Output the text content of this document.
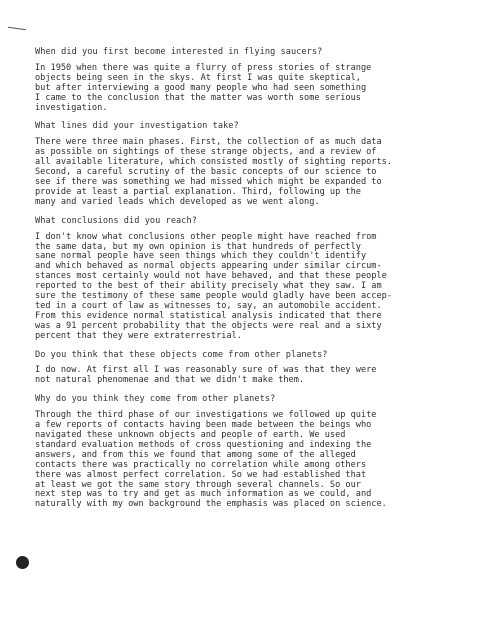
When did you first become interested in flying saucers?

In 1950 when there was quite a flurry of press stories of strange
objects being seen in the skys. At first I was quite skeptical,
but after interviewing a good many people who had seen something
I came to the conclusion that the matter was worth some serious
investigation.

What lines did your investigation take?

There were three main phases. First, the collection of as much data
as possible on sightings of these strange objects, and a review of
all available literature, which consisted mostly of sighting reports.
Second, a careful scrutiny of the basic concepts of our science to
see if there was something we had missed which might be expanded to
provide at least a partial explanation. Third, following up the
many and varied leads which developed as we went along.

What conclusions did you reach?

I don't know what conclusions other people might have reached from
the same data, but my own opinion is that hundreds of perfectly
sane normal people have seen things which they couldn't identify
and which behaved as normal objects appearing under similar circum-
stances most certainly would not have behaved, and that these people
reported to the best of their ability precisely what they saw. I am
sure the testimony of these same people would gladly have been accep-
ted in a court of law as witnesses to, say, an automobile accident.
From this evidence normal statistical analysis indicated that there
was a 91 percent probability that the objects were real and a sixty
percent that they were extraterrestrial.

Do you think that these objects come from other planets?

I do now. At first all I was reasonably sure of was that they were
not natural phenomenae and that we didn't make them.

Why do you think they come from other planets?

Through the third phase of our investigations we followed up quite
a few reports of contacts having been made between the beings who
navigated these unknown objects and people of earth. We used
standard evaluation methods of cross questioning and indexing the
answers, and from this we found that among some of the alleged
contacts there was practically no correlation while among others
there was almost perfect correlation. So we had established that
at least we got the same story through several channels. So our
next step was to try and get as much information as we could, and
naturally with my own background the emphasis was placed on science.
